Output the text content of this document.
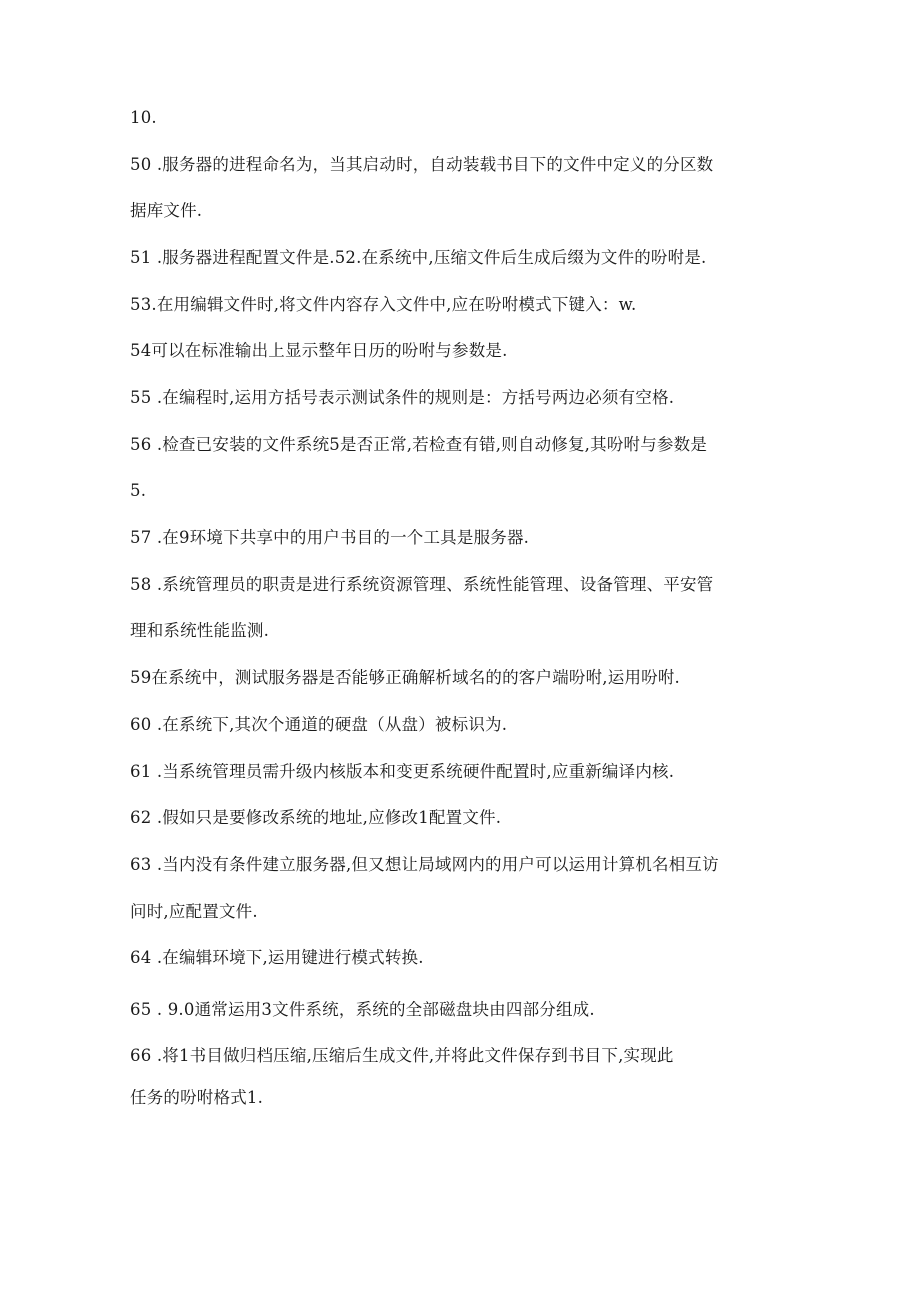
10.
50 .服务器的进程命名为，当其启动时，自动装载书目下的文件中定义的分区数
据库文件.
51 .服务器进程配置文件是.52.在系统中,压缩文件后生成后缀为文件的吩咐是.
53.在用编辑文件时,将文件内容存入文件中,应在吩咐模式下键入：w.
54可以在标准输出上显示整年日历的吩咐与参数是.
55 .在编程时,运用方括号表示测试条件的规则是：方括号两边必须有空格.
56 .检查已安装的文件系统5是否正常,若检查有错,则自动修复,其吩咐与参数是
5.
57 .在9环境下共享中的用户书目的一个工具是服务器.
58 .系统管理员的职责是进行系统资源管理、系统性能管理、设备管理、平安管
理和系统性能监测.
59在系统中，测试服务器是否能够正确解析域名的的客户端吩咐,运用吩咐.
60 .在系统下,其次个通道的硬盘（从盘）被标识为.
61 .当系统管理员需升级内核版本和变更系统硬件配置时,应重新编译内核.
62 .假如只是要修改系统的地址,应修改1配置文件.
63 .当内没有条件建立服务器,但又想让局域网内的用户可以运用计算机名相互访
问时,应配置文件.
64 .在编辑环境下,运用键进行模式转换.
65 . 9.0通常运用3文件系统，系统的全部磁盘块由四部分组成.
66 .将1书目做归档压缩,压缩后生成文件,并将此文件保存到书目下,实现此
任务的吩咐格式1.
